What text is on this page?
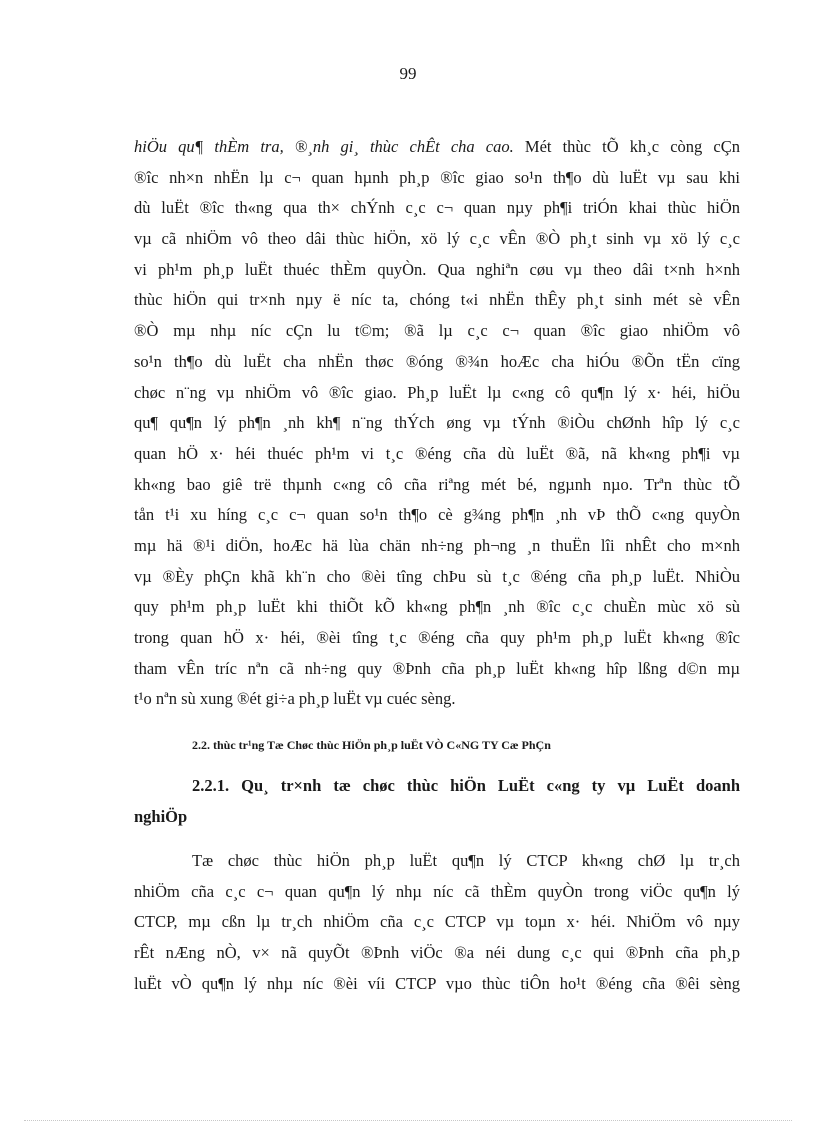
99
hiÖu qu¶ thÈm tra, ®¸nh gi¸ thùc chÊt cha cao. Mét thùc tÕ kh¸c còng cÇn
®îc nh×n nhËn lµ c¬ quan hµnh ph¸p ®îc giao so¹n th¶o dù luËt vµ sau khi
dù luËt ®îc th«ng qua th× chÝnh c¸c c¬ quan nµy ph¶i triÓn khai thùc hiÖn
vµ cã nhiÖm vô theo dâi thùc hiÖn, xö lý c¸c vÊn ®Ò ph¸t sinh vµ xö lý c¸c
vi ph¹m ph¸p luËt thuéc thÈm quyÒn. Qua nghiªn cøu vµ theo dâi t×nh h×nh
thùc hiÖn qui tr×nh nµy ë níc ta, chóng t«i nhËn thÊy ph¸t sinh mét sè vÊn
®Ò mµ nhµ níc cÇn lu t©m; ®ã lµ c¸c c¬ quan ®îc giao nhiÖm vô
so¹n th¶o dù luËt cha nhËn thøc ®óng ®¾n hoÆc cha hiÓu ®Õn tËn cïng
chøc n¨ng vµ nhiÖm vô ®îc giao. Ph¸p luËt lµ c«ng cô qu¶n lý x· héi, hiÖu
qu¶ qu¶n lý ph¶n ¸nh kh¶ n¨ng thÝch øng vµ tÝnh ®iÒu chØnh hîp lý c¸c
quan hÖ x· héi thuéc ph¹m vi t¸c ®éng cña dù luËt ®ã, nã kh«ng ph¶i vµ
kh«ng bao giê trë thµnh c«ng cô cña riªng mét bé, ngµnh nµo. Trªn thùc tÕ
tån t¹i xu híng c¸c c¬ quan so¹n th¶o cè g¾ng ph¶n ¸nh vÞ thÕ c«ng quyÒn
mµ hä ®¹i diÖn, hoÆc hä lùa chän nh÷ng ph¬ng ¸n thuËn lîi nhÊt cho m×nh
vµ ®Èy phÇn khã kh¨n cho ®èi tîng chÞu sù t¸c ®éng cña ph¸p luËt. NhiÒu
quy ph¹m ph¸p luËt khi thiÕt kÕ kh«ng ph¶n ¸nh ®îc c¸c chuÈn mùc xö sù
trong quan hÖ x· héi, ®èi tîng t¸c ®éng cña quy ph¹m ph¸p luËt kh«ng ®îc
tham vÊn tríc nªn cã nh÷ng quy ®Þnh cña ph¸p luËt kh«ng hîp lßng d©n mµ
t¹o nªn sù xung ®ét gi÷a ph¸p luËt vµ cuéc sèng.
2.2. thùc tr¹ng Tæ Chøc thùc HiÖn ph¸p luËt VÒ C«NG TY Cæ PhÇn
2.2.1. Qu¸ tr×nh tæ chøc thùc hiÖn LuËt c«ng ty vµ LuËt doanh
nghiÖp
Tæ chøc thùc hiÖn ph¸p luËt qu¶n lý CTCP kh«ng chØ lµ tr¸ch
nhiÖm cña c¸c c¬ quan qu¶n lý nhµ níc cã thÈm quyÒn trong viÖc qu¶n lý
CTCP, mµ cßn lµ tr¸ch nhiÖm cña c¸c CTCP vµ toµn x· héi. NhiÖm vô nµy
rÊt nÆng nÒ, v× nã quyÕt ®Þnh viÖc ®a néi dung c¸c qui ®Þnh cña ph¸p
luËt vÒ qu¶n lý nhµ níc ®èi víi CTCP vµo thùc tiÔn ho¹t ®éng cña ®êi sèng
